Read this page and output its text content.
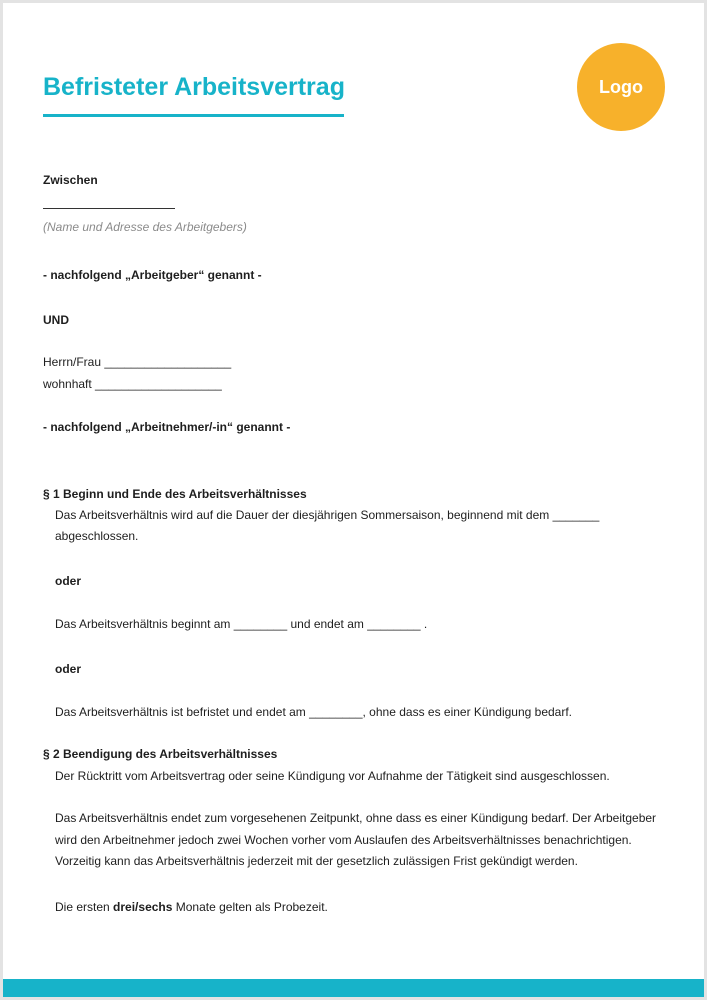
Befristeter Arbeitsvertrag	Logo
Zwischen
(Name und Adresse des Arbeitgebers)
- nachfolgend „Arbeitgeber“ genannt -
UND
Herrn/Frau ___________________
wohnhaft ___________________
- nachfolgend „Arbeitnehmer/-in“ genannt -
§ 1 Beginn und Ende des Arbeitsverhältnisses
Das Arbeitsverhältnis wird auf die Dauer der diesjährigen Sommersaison, beginnend mit dem _______
abgeschlossen.
oder
Das Arbeitsverhältnis beginnt am ________ und endet am ________ .
oder
Das Arbeitsverhältnis ist befristet und endet am ________, ohne dass es einer Kündigung bedarf.
§ 2 Beendigung des Arbeitsverhältnisses
Der Rücktritt vom Arbeitsvertrag oder seine Kündigung vor Aufnahme der Tätigkeit sind ausgeschlossen.
Das Arbeitsverhältnis endet zum vorgesehenen Zeitpunkt, ohne dass es einer Kündigung bedarf. Der Arbeitgeber
wird den Arbeitnehmer jedoch zwei Wochen vorher vom Auslaufen des Arbeitsverhältnisses benachrichtigen.
Vorzeitig kann das Arbeitsverhältnis jederzeit mit der gesetzlich zulässigen Frist gekündigt werden.
Die ersten drei/sechs Monate gelten als Probezeit.
